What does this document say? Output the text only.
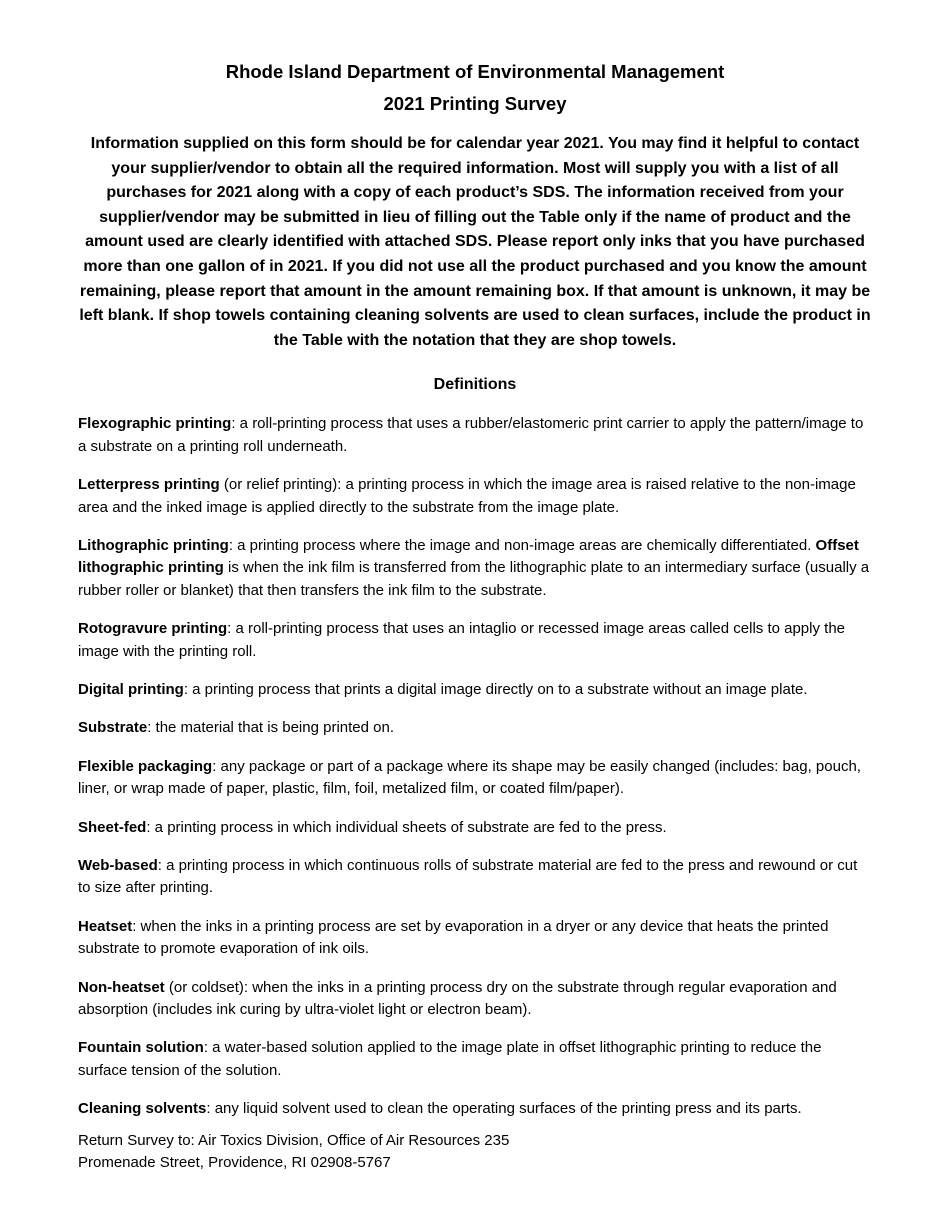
Rhode Island Department of Environmental Management
2021 Printing Survey
Information supplied on this form should be for calendar year 2021. You may find it helpful to contact your supplier/vendor to obtain all the required information. Most will supply you with a list of all purchases for 2021 along with a copy of each product’s SDS. The information received from your supplier/vendor may be submitted in lieu of filling out the Table only if the name of product and the amount used are clearly identified with attached SDS. Please report only inks that you have purchased more than one gallon of in 2021. If you did not use all the product purchased and you know the amount remaining, please report that amount in the amount remaining box. If that amount is unknown, it may be left blank. If shop towels containing cleaning solvents are used to clean surfaces, include the product in the Table with the notation that they are shop towels.
Definitions

Flexographic printing: a roll-printing process that uses a rubber/elastomeric print carrier to apply the pattern/image to a substrate on a printing roll underneath.

Letterpress printing (or relief printing): a printing process in which the image area is raised relative to the non-image area and the inked image is applied directly to the substrate from the image plate.

Lithographic printing: a printing process where the image and non-image areas are chemically differentiated. Offset lithographic printing is when the ink film is transferred from the lithographic plate to an intermediary surface (usually a rubber roller or blanket) that then transfers the ink film to the substrate.

Rotogravure printing: a roll-printing process that uses an intaglio or recessed image areas called cells to apply the image with the printing roll.

Digital printing: a printing process that prints a digital image directly on to a substrate without an image plate.

Substrate: the material that is being printed on.

Flexible packaging: any package or part of a package where its shape may be easily changed (includes: bag, pouch, liner, or wrap made of paper, plastic, film, foil, metalized film, or coated film/paper).

Sheet-fed: a printing process in which individual sheets of substrate are fed to the press.

Web-based: a printing process in which continuous rolls of substrate material are fed to the press and rewound or cut to size after printing.

Heatset: when the inks in a printing process are set by evaporation in a dryer or any device that heats the printed substrate to promote evaporation of ink oils.

Non-heatset (or coldset): when the inks in a printing process dry on the substrate through regular evaporation and absorption (includes ink curing by ultra-violet light or electron beam).

Fountain solution: a water-based solution applied to the image plate in offset lithographic printing to reduce the surface tension of the solution.

Cleaning solvents: any liquid solvent used to clean the operating surfaces of the printing press and its parts.

Return Survey to: Air Toxics Division, Office of Air Resources 235
Promenade Street, Providence, RI 02908-5767
